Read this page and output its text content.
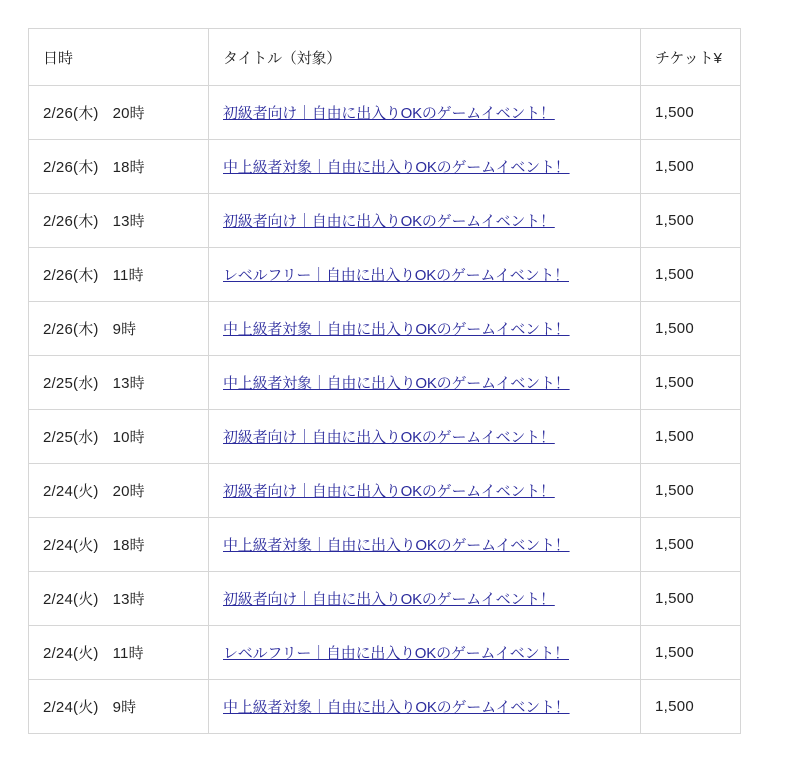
日時	タイトル（対象）	チケット¥
2/26(木) 20時	初級者向け｜自由に出入りOKのゲームイベント！	1,500
2/26(木) 18時	中上級者対象｜自由に出入りOKのゲームイベント！	1,500
2/26(木) 13時	初級者向け｜自由に出入りOKのゲームイベント！	1,500
2/26(木) 11時	レベルフリー｜自由に出入りOKのゲームイベント！	1,500
2/26(木) 9時	中上級者対象｜自由に出入りOKのゲームイベント！	1,500
2/25(水) 13時	中上級者対象｜自由に出入りOKのゲームイベント！	1,500
2/25(水) 10時	初級者向け｜自由に出入りOKのゲームイベント！	1,500
2/24(火) 20時	初級者向け｜自由に出入りOKのゲームイベント！	1,500
2/24(火) 18時	中上級者対象｜自由に出入りOKのゲームイベント！	1,500
2/24(火) 13時	初級者向け｜自由に出入りOKのゲームイベント！	1,500
2/24(火) 11時	レベルフリー｜自由に出入りOKのゲームイベント！	1,500
2/24(火) 9時	中上級者対象｜自由に出入りOKのゲームイベント！	1,500
